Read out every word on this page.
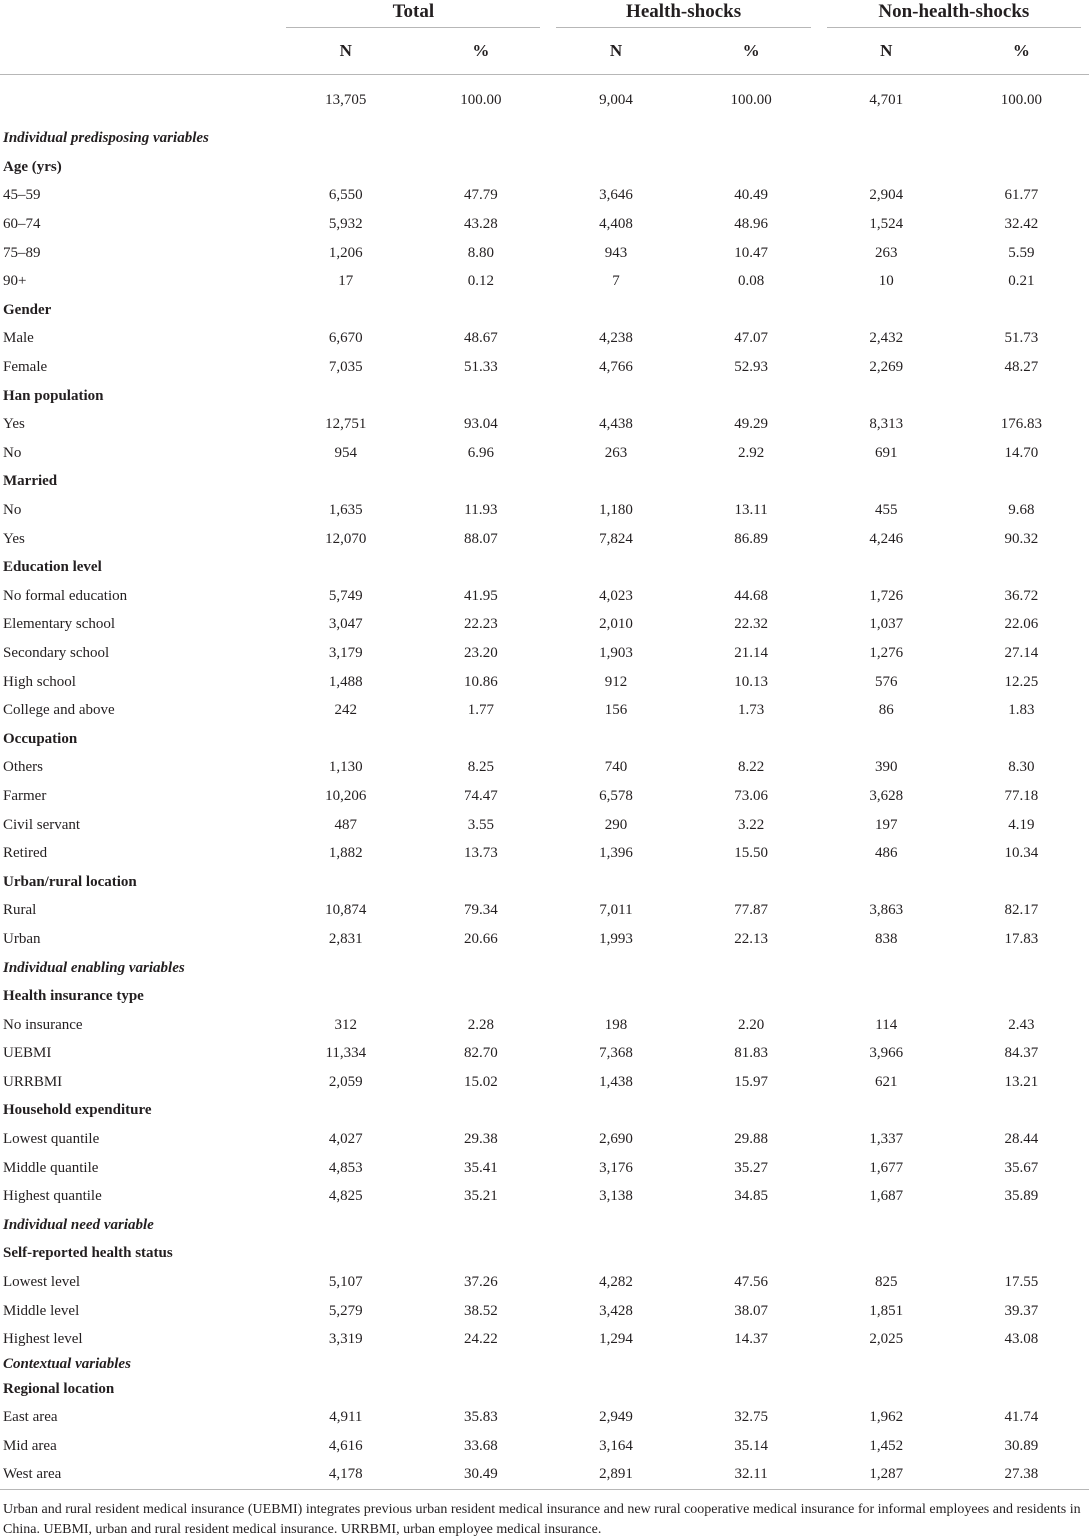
	Total		Health-shocks		Non-health-shocks	

	N	%	N	%	N	%
	13,705	100.00	9,004	100.00	4,701	100.00
Individual predisposing variables						
Age (yrs)						
45–59	6,550	47.79	3,646	40.49	2,904	61.77
60–74	5,932	43.28	4,408	48.96	1,524	32.42
75–89	1,206	8.80	943	10.47	263	5.59
90+	17	0.12	7	0.08	10	0.21
Gender						
Male	6,670	48.67	4,238	47.07	2,432	51.73
Female	7,035	51.33	4,766	52.93	2,269	48.27
Han population						
Yes	12,751	93.04	4,438	49.29	8,313	176.83
No	954	6.96	263	2.92	691	14.70
Married						
No	1,635	11.93	1,180	13.11	455	9.68
Yes	12,070	88.07	7,824	86.89	4,246	90.32
Education level						
No formal education	5,749	41.95	4,023	44.68	1,726	36.72
Elementary school	3,047	22.23	2,010	22.32	1,037	22.06
Secondary school	3,179	23.20	1,903	21.14	1,276	27.14
High school	1,488	10.86	912	10.13	576	12.25
College and above	242	1.77	156	1.73	86	1.83
Occupation						
Others	1,130	8.25	740	8.22	390	8.30
Farmer	10,206	74.47	6,578	73.06	3,628	77.18
Civil servant	487	3.55	290	3.22	197	4.19
Retired	1,882	13.73	1,396	15.50	486	10.34
Urban/rural location						
Rural	10,874	79.34	7,011	77.87	3,863	82.17
Urban	2,831	20.66	1,993	22.13	838	17.83
Individual enabling variables						
Health insurance type						
No insurance	312	2.28	198	2.20	114	2.43
UEBMI	11,334	82.70	7,368	81.83	3,966	84.37
URRBMI	2,059	15.02	1,438	15.97	621	13.21
Household expenditure						
Lowest quantile	4,027	29.38	2,690	29.88	1,337	28.44
Middle quantile	4,853	35.41	3,176	35.27	1,677	35.67
Highest quantile	4,825	35.21	3,138	34.85	1,687	35.89
Individual need variable						
Self-reported health status						
Lowest level	5,107	37.26	4,282	47.56	825	17.55
Middle level	5,279	38.52	3,428	38.07	1,851	39.37
Highest level	3,319	24.22	1,294	14.37	2,025	43.08
Contextual variables						
Regional location						
East area	4,911	35.83	2,949	32.75	1,962	41.74
Mid area	4,616	33.68	3,164	35.14	1,452	30.89
West area	4,178	30.49	2,891	32.11	1,287	27.38
Urban and rural resident medical insurance (UEBMI) integrates previous urban resident medical insurance and new rural cooperative medical insurance for informal employees and residents in China. UEBMI, urban and rural resident medical insurance. URRBMI, urban employee medical insurance.
